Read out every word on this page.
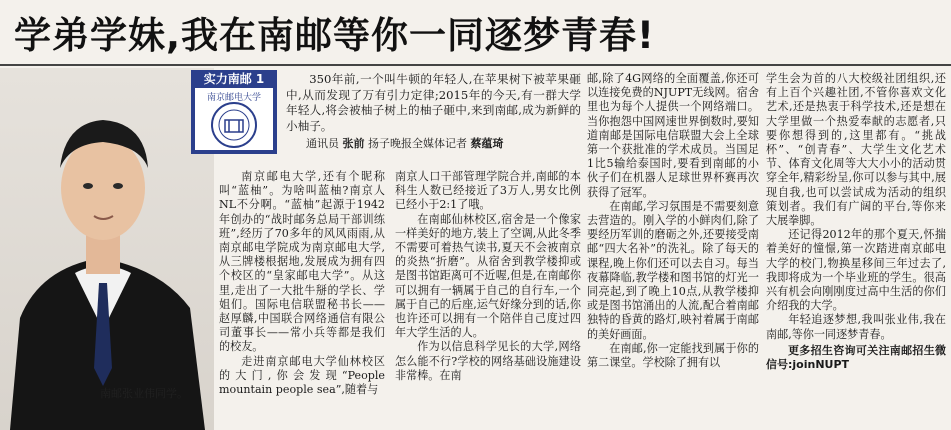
学弟学妹,我在南邮等你一同逐梦青春!
南邮张业伟同学。
实力南邮 1
南京邮电大学

350年前,一个叫牛顿的年轻人,在苹果树下被苹果砸中,从而发现了万有引力定律;2015年的今天,有一群大学年轻人,将会被柚子树上的柚子砸中,来到南邮,成为新鲜的小柚子。

通讯员 张前 扬子晚报全媒体记者 蔡蕴琦

南京邮电大学,还有个昵称叫“蓝柚”。为啥叫蓝柚?南京人NL不分啊。“蓝柚”起源于1942年创办的“战时邮务总局干部训练班”,经历了70多年的风风雨雨,从南京邮电学院成为南京邮电大学,从三牌楼根据地,发展成为拥有四个校区的“皇家邮电大学”。从这里,走出了一大批牛掰的学长、学姐们。国际电信联盟秘书长——赵厚麟,中国联合网络通信有限公司董事长——常小兵等都是我们的校友。

走进南京邮电大学仙林校区的大门,你会发现“People mountain people sea”,随着与

南京人口干部管理学院合并,南邮的本科生人数已经接近了3万人,男女比例已经小于2:1了哦。

在南邮仙林校区,宿舍是一个像家一样美好的地方,装上了空调,从此冬季不需要可着热气读书,夏天不会被南京的炎热“折磨”。从宿舍到教学楼抑或是图书馆距离可不近喔,但是,在南邮你可以拥有一辆属于自己的自行车,一个属于自己的后座,运气好缘分到的话,你也许还可以拥有一个陪伴自己度过四年大学生活的人。

作为以信息科学见长的大学,网络怎么能不行?学校的网络基础设施建设非常棒。在南

邮,除了4G网络的全面覆盖,你还可以连接免费的NJUPT无线网。宿舍里也为每个人提供一个网络端口。当你抱怨中国网速世界倒数时,要知道南邮是国际电信联盟大会上全球第一个获批准的学术成员。当国足1比5输给泰国时,要看到南邮的小伙子们在机器人足球世界杯赛再次获得了冠军。

在南邮,学习氛围是不需要刻意去营造的。刚入学的小鲜肉们,除了要经历军训的磨砺之外,还要接受南邮“四大名补”的洗礼。除了每天的课程,晚上你们还可以去自习。每当夜幕降临,教学楼和图书馆的灯光一同亮起,到了晚上10点,从教学楼抑或是图书馆涌出的人流,配合着南邮独特的昏黄的路灯,映衬着属于南邮的美好画面。

在南邮,你一定能找到属于你的第二课堂。学校除了拥有以

学生会为首的八大校级社团组织,还有上百个兴趣社团,不管你喜欢文化艺术,还是热衷于科学技术,还是想在大学里做一个热爱奉献的志愿者,只要你想得到的,这里都有。“挑战杯”、“创青春”、大学生文化艺术节、体育文化周等大大小小的活动贯穿全年,精彩纷呈,你可以参与其中,展现自我,也可以尝试成为活动的组织策划者。我们有广阔的平台,等你来大展拳脚。

还记得2012年的那个夏天,怀揣着美好的憧憬,第一次踏进南京邮电大学的校门,物换星移间三年过去了,我即将成为一个毕业班的学生。很高兴有机会向刚刚度过高中生活的你们介绍我的大学。

年轻追逐梦想,我叫张业伟,我在南邮,等你一同逐梦青春。

更多招生咨询可关注南邮招生微信号:joinNUPT
